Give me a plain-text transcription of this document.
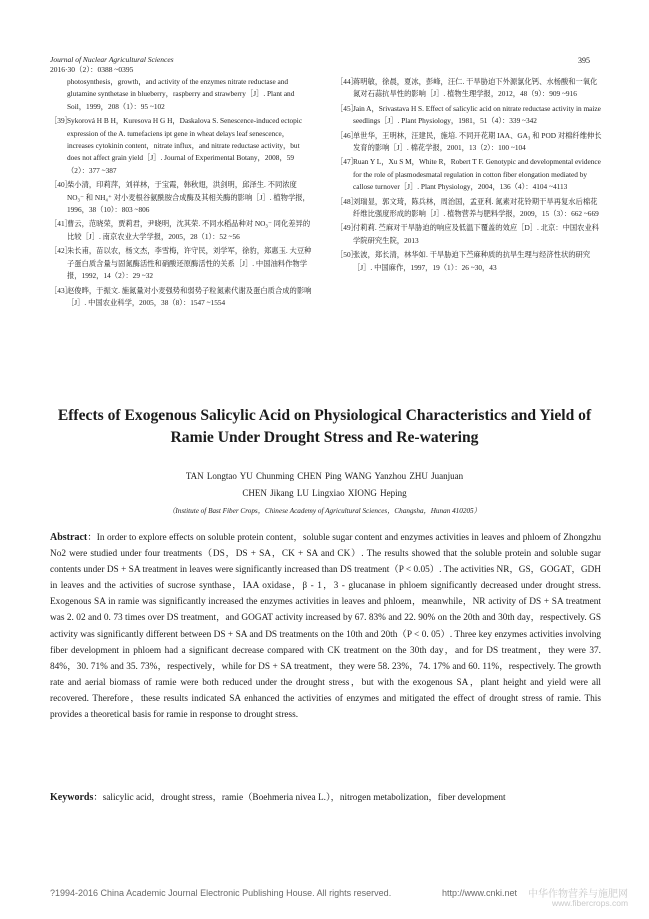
Journal of Nuclear Agricultural Sciences
2016·30（2）：0388 ~0395
395
photosynthesis，growth，and activity of the enzymes nitrate reductase and glutamine synthetase in blueberry，raspberry and strawberry［J］. Plant and Soil，1999，208（1）：95 ~102
［39］
Sykorová H B H，Kuresova H G H，Daskalova S. Senescence-induced ectopic expression of the A. tumefaciens ipt gene in wheat delays leaf senescence，increases cytokinin content，nitrate influx，and nitrate reductase activity，but does not affect grain yield［J］. Journal of Experimental Botany，2008，59（2）：377 ~387
［40］
柴小清，印莉萍，刘祥林，于宝霞，韩秋翅，洪剑明，邱泽生. 不同浓度 NO₃⁻ 和 NH₄⁺ 对小麦根谷氨酰胺合成酶及其相关酶的影响［J］. 植物学报，1996，38（10）：803 ~806
［41］
曹云，范晓荣，贾莉君，尹晓明，沈其荣. 不同水稻品种对 NO₃⁻ 同化差异的比较［J］. 南京农业大学学报，2005，28（1）：52 ~56
［42］
朱长甫，苗以农，杨文杰，李雪梅，许守民，刘学军，徐豹，郑惠玉. 大豆种子蛋白质含量与固氮酶活性和硝酸还原酶活性的关系［J］. 中国油料作物学报，1992，14（2）：29 ~32
［43］
赵俊晔，于振文. 施氮量对小麦强势和弱势子粒氮素代谢及蛋白质合成的影响［J］. 中国农业科学，2005，38（8）：1547 ~1554
［44］
蒋明敏，徐晨，夏冰，彭峰，汪仁. 干旱胁迫下外源氯化钙、水杨酸和一氧化氮对石蒜抗旱性的影响［J］. 植物生理学报，2012，48（9）：909 ~916
［45］
Jain A，Srivastava H S. Effect of salicylic acid on nitrate reductase activity in maize seedlings［J］. Plant Physiology，1981，51（4）：339 ~342
［46］
单世华，王明林，汪建民，施培. 不同开花期 IAA、GA₃ 和 POD 对棉纤维伸长发育的影响［J］. 棉花学报，2001，13（2）：100 ~104
［47］
Ruan Y L，Xu S M，White R，Robert T F. Genotypic and developmental evidence for the role of plasmodesmatal regulation in cotton fiber elongation mediated by callose turnover［J］. Plant Physiology，2004，136（4）：4104 ~4113
［48］
刘瑞显，郭文琦，陈兵林，周治国，孟亚利. 氮素对花铃期干旱再复水后棉花纤维比强度形成的影响［J］. 植物营养与肥料学报，2009，15（3）：662 ~669
［49］
付莉莉. 苎麻对干旱胁迫的响应及低温下覆盖的效应［D］. 北京：中国农业科学院研究生院，2013
［50］
张波，郑长清，林华如. 干旱胁迫下苎麻种质的抗旱生理与经济性状的研究［J］. 中国麻作，1997，19（1）：26 ~30，43
Effects of Exogenous Salicylic Acid on Physiological Characteristics and Yield of Ramie Under Drought Stress and Re-watering
TAN Longtao YU Chunming CHEN Ping WANG Yanzhou ZHU Juanjuan
CHEN Jikang LU Lingxiao XIONG Heping
（Institute of Bast Fiber Crops，Chinese Academy of Agricultural Sciences，Changsha，Hunan 410205）

Abstract：In order to explore effects on soluble protein content，soluble sugar content and enzymes activities in leaves and phloem of Zhongzhu No2 were studied under four treatments（DS，DS + SA，CK + SA and CK）. The results showed that the soluble protein and soluble sugar contents under DS + SA treatment in leaves were significantly increased than DS treatment（P < 0.05）. The activities NR，GS，GOGAT，GDH in leaves and the activities of sucrose synthase，IAA oxidase，β - 1，3 - glucanase in phloem significantly decreased under drought stress. Exogenous SA in ramie was significantly increased the enzymes activities in leaves and phloem，meanwhile，NR activity of DS + SA treatment was 2. 02 and 0. 73 times over DS treatment，and GOGAT activity increased by 67. 83% and 22. 90% on the 20th and 30th day，respectively. GS activity was significantly different between DS + SA and DS treatments on the 10th and 20th（P < 0. 05）. Three key enzymes activities involving fiber development in phloem had a significant decrease compared with CK treatment on the 30th day，and for DS treatment，they were 37. 84%，30. 71% and 35. 73%，respectively，while for DS + SA treatment，they were 58. 23%，74. 17% and 60. 11%，respectively. The growth rate and aerial biomass of ramie were both reduced under the drought stress，but with the exogenous SA，plant height and yield were all recovered. Therefore，these results indicated SA enhanced the activities of enzymes and mitigated the effect of drought stress of ramie. This provides a theoretical basis for ramie in response to drought stress.

Keywords：salicylic acid，drought stress，ramie（Boehmeria nivea L.），nitrogen metabolization，fiber development

?1994-2016 China Academic Journal Electronic Publishing House. All rights reserved.	http://www.cnki.net 中华作物营养与施肥网
www.fibercrops.com
